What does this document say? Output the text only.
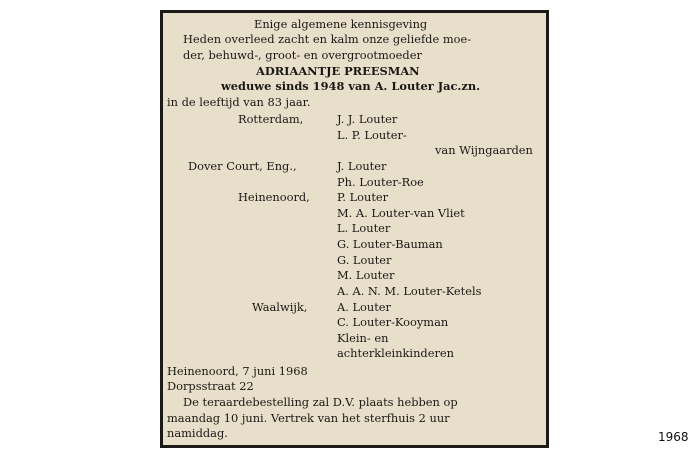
Enige algemene kennisgeving
Heden overleed zacht en kalm onze geliefde moe-
der, behuwd-, groot- en overgrootmoeder
ADRIAANTJE PREESMAN
weduwe sinds 1948 van A. Louter Jac.zn.
in de leeftijd van 83 jaar.
Rotterdam,	J. J. Louter
L. P. Louter-
van Wijngaarden
Dover Court, Eng.,	J. Louter
Ph. Louter-Roe
Heinenoord, P. Louter
M. A. Louter-van Vliet
L. Louter
G. Louter-Bauman
G. Louter
M. Louter
A. A. N. M. Louter-Ketels
Waalwijk,	A. Louter
C. Louter-Kooyman
Klein- en
achterkleinkinderen
Heinenoord, 7 juni 1968
Dorpsstraat 22
De teraardebestelling zal D.V. plaats hebben op
maandag 10 juni. Vertrek van het sterfhuis 2 uur
namiddag.	1968
